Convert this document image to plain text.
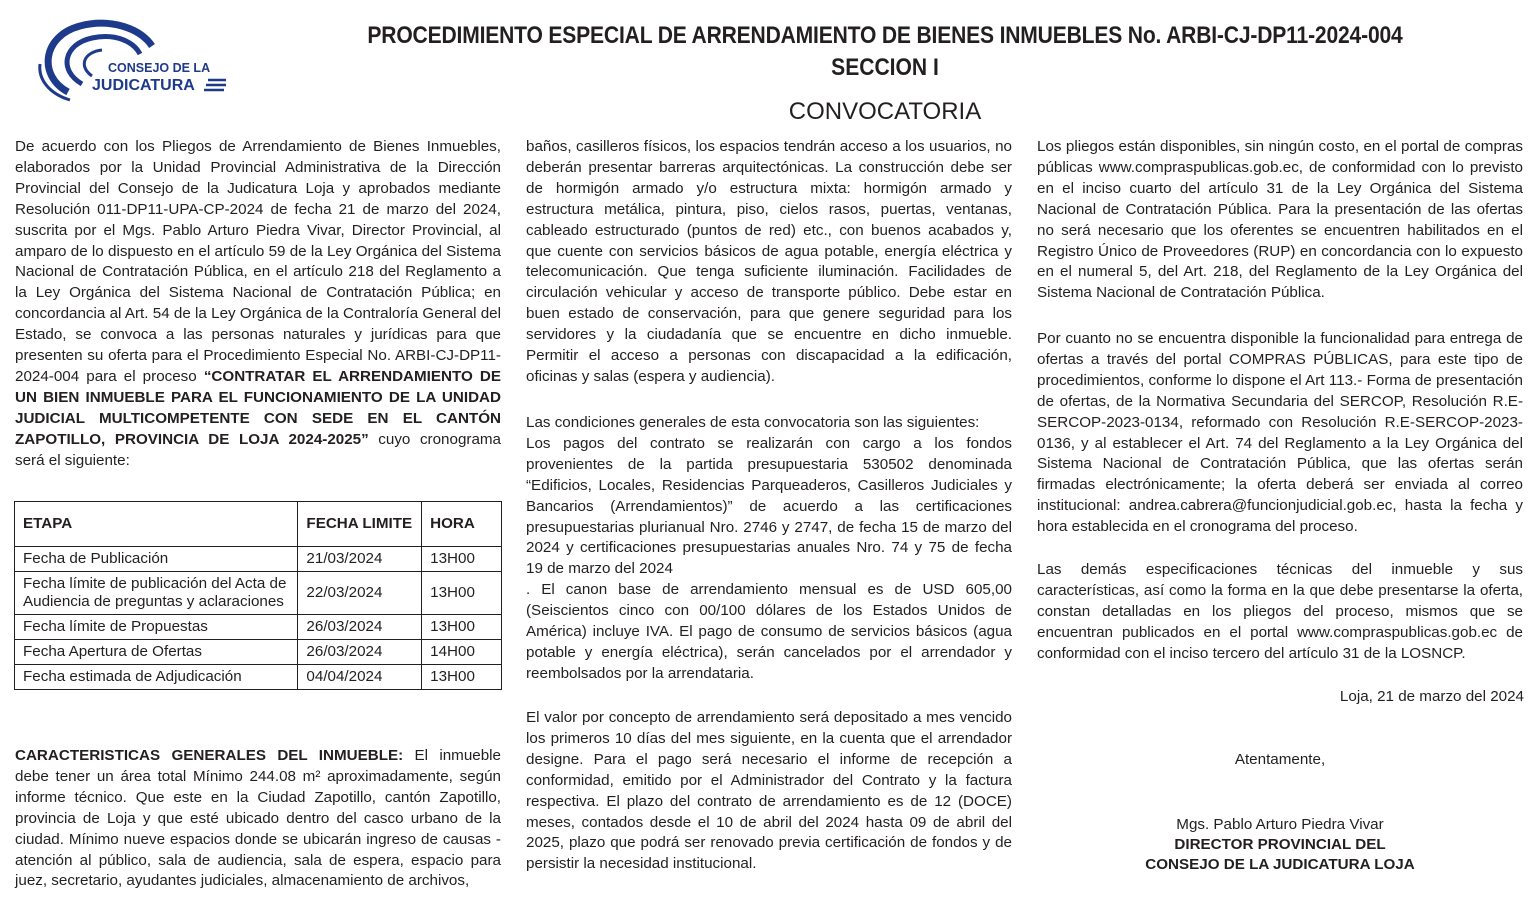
CONSEJO DE LA
JUDICATURA
PROCEDIMIENTO ESPECIAL DE ARRENDAMIENTO DE BIENES INMUEBLES No. ARBI-CJ-DP11-2024-004
SECCION I
CONVOCATORIA

De acuerdo con los Pliegos de Arrendamiento de Bienes Inmuebles, elaborados por la Unidad Provincial Administrativa de la Dirección Provincial del Consejo de la Judicatura Loja y aprobados mediante Resolución 011-DP11-UPA-CP-2024 de fecha 21 de marzo del 2024, suscrita por el Mgs. Pablo Arturo Piedra Vivar, Director Provincial, al amparo de lo dispuesto en el artículo 59 de la Ley Orgánica del Sistema Nacional de Contratación Pública, en el artículo 218 del Reglamento a la Ley Orgánica del Sistema Nacional de Contratación Pública; en concordancia al Art. 54 de la Ley Orgánica de la Contraloría General del Estado, se convoca a las personas naturales y jurídicas para que presenten su oferta para el Procedimiento Especial No. ARBI-CJ-DP11-2024-004 para el proceso “CONTRATAR EL ARRENDAMIENTO DE UN BIEN INMUEBLE PARA EL FUNCIONAMIENTO DE LA UNIDAD JUDICIAL MULTICOMPETENTE CON SEDE EN EL CANTÓN ZAPOTILLO, PROVINCIA DE LOJA 2024-2025” cuyo cronograma será el siguiente:

ETAPA	FECHA LIMITE	HORA
Fecha de Publicación	21/03/2024	13H00
Fecha límite de publicación del Acta de Audiencia de preguntas y aclaraciones	22/03/2024	13H00
Fecha límite de Propuestas	26/03/2024	13H00
Fecha Apertura de Ofertas	26/03/2024	14H00
Fecha estimada de Adjudicación	04/04/2024	13H00

CARACTERISTICAS GENERALES DEL INMUEBLE: El inmueble debe tener un área total Mínimo 244.08 m² aproximadamente, según informe técnico. Que este en la Ciudad Zapotillo, cantón Zapotillo, provincia de Loja y que esté ubicado dentro del casco urbano de la ciudad. Mínimo nueve espacios donde se ubicarán ingreso de causas - atención al público, sala de audiencia, sala de espera, espacio para juez, secretario, ayudantes judiciales, almacenamiento de archivos,

baños, casilleros físicos, los espacios tendrán acceso a los usuarios, no deberán presentar barreras arquitectónicas. La construcción debe ser de hormigón armado y/o estructura mixta: hormigón armado y estructura metálica, pintura, piso, cielos rasos, puertas, ventanas, cableado estructurado (puntos de red) etc., con buenos acabados y, que cuente con servicios básicos de agua potable, energía eléctrica y telecomunicación. Que tenga suficiente iluminación. Facilidades de circulación vehicular y acceso de transporte público. Debe estar en buen estado de conservación, para que genere seguridad para los servidores y la ciudadanía que se encuentre en dicho inmueble. Permitir el acceso a personas con discapacidad a la edificación, oficinas y salas (espera y audiencia).

Las condiciones generales de esta convocatoria son las siguientes:

Los pagos del contrato se realizarán con cargo a los fondos provenientes de la partida presupuestaria 530502 denominada “Edificios, Locales, Residencias Parqueaderos, Casilleros Judiciales y Bancarios (Arrendamientos)” de acuerdo a las certificaciones presupuestarias plurianual Nro. 2746 y 2747, de fecha 15 de marzo del 2024 y certificaciones presupuestarias anuales Nro. 74 y 75 de fecha 19 de marzo del 2024

. El canon base de arrendamiento mensual es de USD 605,00 (Seiscientos cinco con 00/100 dólares de los Estados Unidos de América) incluye IVA. El pago de consumo de servicios básicos (agua potable y energía eléctrica), serán cancelados por el arrendador y reembolsados por la arrendataria.

El valor por concepto de arrendamiento será depositado a mes vencido los primeros 10 días del mes siguiente, en la cuenta que el arrendador designe. Para el pago será necesario el informe de recepción a conformidad, emitido por el Administrador del Contrato y la factura respectiva. El plazo del contrato de arrendamiento es de 12 (DOCE) meses, contados desde el 10 de abril del 2024 hasta 09 de abril del 2025, plazo que podrá ser renovado previa certificación de fondos y de persistir la necesidad institucional.

Los pliegos están disponibles, sin ningún costo, en el portal de compras públicas www.compraspublicas.gob.ec, de conformidad con lo previsto en el inciso cuarto del artículo 31 de la Ley Orgánica del Sistema Nacional de Contratación Pública. Para la presentación de las ofertas no será necesario que los oferentes se encuentren habilitados en el Registro Único de Proveedores (RUP) en concordancia con lo expuesto en el numeral 5, del Art. 218, del Reglamento de la Ley Orgánica del Sistema Nacional de Contratación Pública.

Por cuanto no se encuentra disponible la funcionalidad para entrega de ofertas a través del portal COMPRAS PÚBLICAS, para este tipo de procedimientos, conforme lo dispone el Art 113.- Forma de presentación de ofertas, de la Normativa Secundaria del SERCOP, Resolución R.E-SERCOP-2023-0134, reformado con Resolución R.E-SERCOP-2023-0136, y al establecer el Art. 74 del Reglamento a la Ley Orgánica del Sistema Nacional de Contratación Pública, que las ofertas serán firmadas electrónicamente; la oferta deberá ser enviada al correo institucional: andrea.cabrera@funcionjudicial.gob.ec, hasta la fecha y hora establecida en el cronograma del proceso.

Las demás especificaciones técnicas del inmueble y sus características, así como la forma en la que debe presentarse la oferta, constan detalladas en los pliegos del proceso, mismos que se encuentran publicados en el portal www.compraspublicas.gob.ec de conformidad con el inciso tercero del artículo 31 de la LOSNCP.

Loja, 21 de marzo del 2024
Atentamente,
Mgs. Pablo Arturo Piedra Vivar
DIRECTOR PROVINCIAL DEL
CONSEJO DE LA JUDICATURA LOJA
